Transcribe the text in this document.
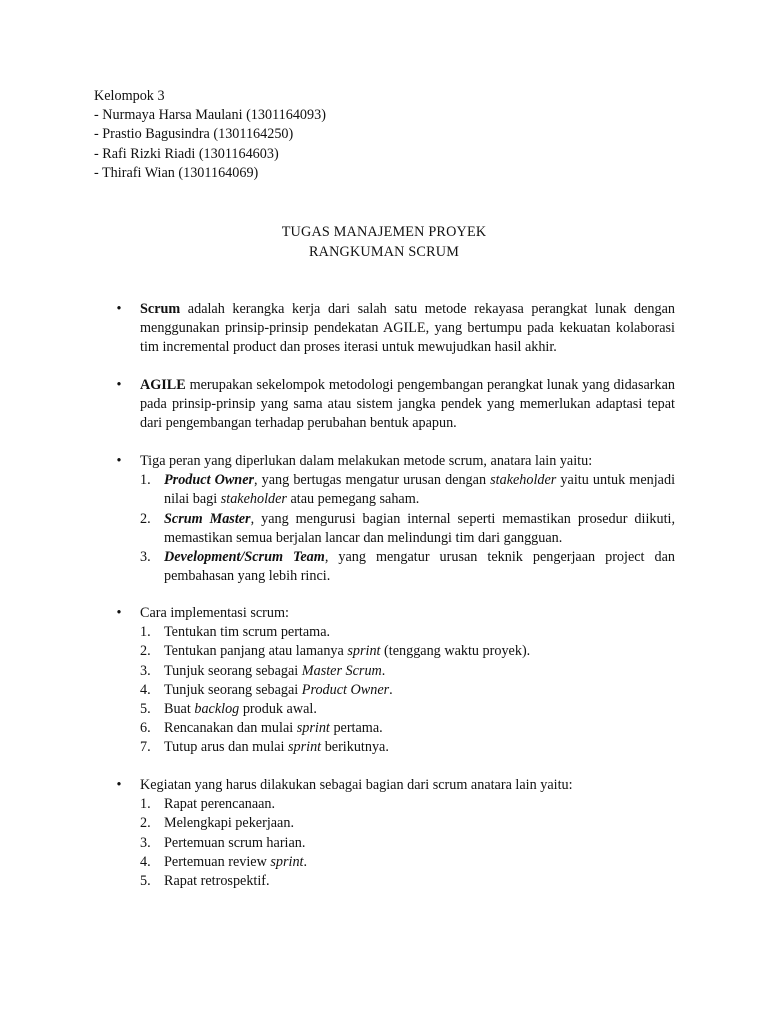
Kelompok 3
- Nurmaya Harsa Maulani (1301164093)
- Prastio Bagusindra (1301164250)
- Rafi Rizki Riadi (1301164603)
- Thirafi Wian (1301164069)
TUGAS MANAJEMEN PROYEK
RANGKUMAN SCRUM
•	Scrum adalah kerangka kerja dari salah satu metode rekayasa perangkat lunak dengan menggunakan prinsip-prinsip pendekatan AGILE, yang bertumpu pada kekuatan kolaborasi tim incremental product dan proses iterasi untuk mewujudkan hasil akhir.
•	AGILE merupakan sekelompok metodologi pengembangan perangkat lunak yang didasarkan pada prinsip-prinsip yang sama atau sistem jangka pendek yang memerlukan adaptasi tepat dari pengembangan terhadap perubahan bentuk apapun.
•	Tiga peran yang diperlukan dalam melakukan metode scrum, anatara lain yaitu:
1. Product Owner, yang bertugas mengatur urusan dengan stakeholder yaitu untuk menjadi nilai bagi stakeholder atau pemegang saham.
2. Scrum Master, yang mengurusi bagian internal seperti memastikan prosedur diikuti, memastikan semua berjalan lancar dan melindungi tim dari gangguan.
3. Development/Scrum Team, yang mengatur urusan teknik pengerjaan project dan pembahasan yang lebih rinci.
•	Cara implementasi scrum:
1. Tentukan tim scrum pertama.
2. Tentukan panjang atau lamanya sprint (tenggang waktu proyek).
3. Tunjuk seorang sebagai Master Scrum.
4. Tunjuk seorang sebagai Product Owner.
5. Buat backlog produk awal.
6. Rencanakan dan mulai sprint pertama.
7. Tutup arus dan mulai sprint berikutnya.
•	Kegiatan yang harus dilakukan sebagai bagian dari scrum anatara lain yaitu:
1. Rapat perencanaan.
2. Melengkapi pekerjaan.
3. Pertemuan scrum harian.
4. Pertemuan review sprint.
5. Rapat retrospektif.
